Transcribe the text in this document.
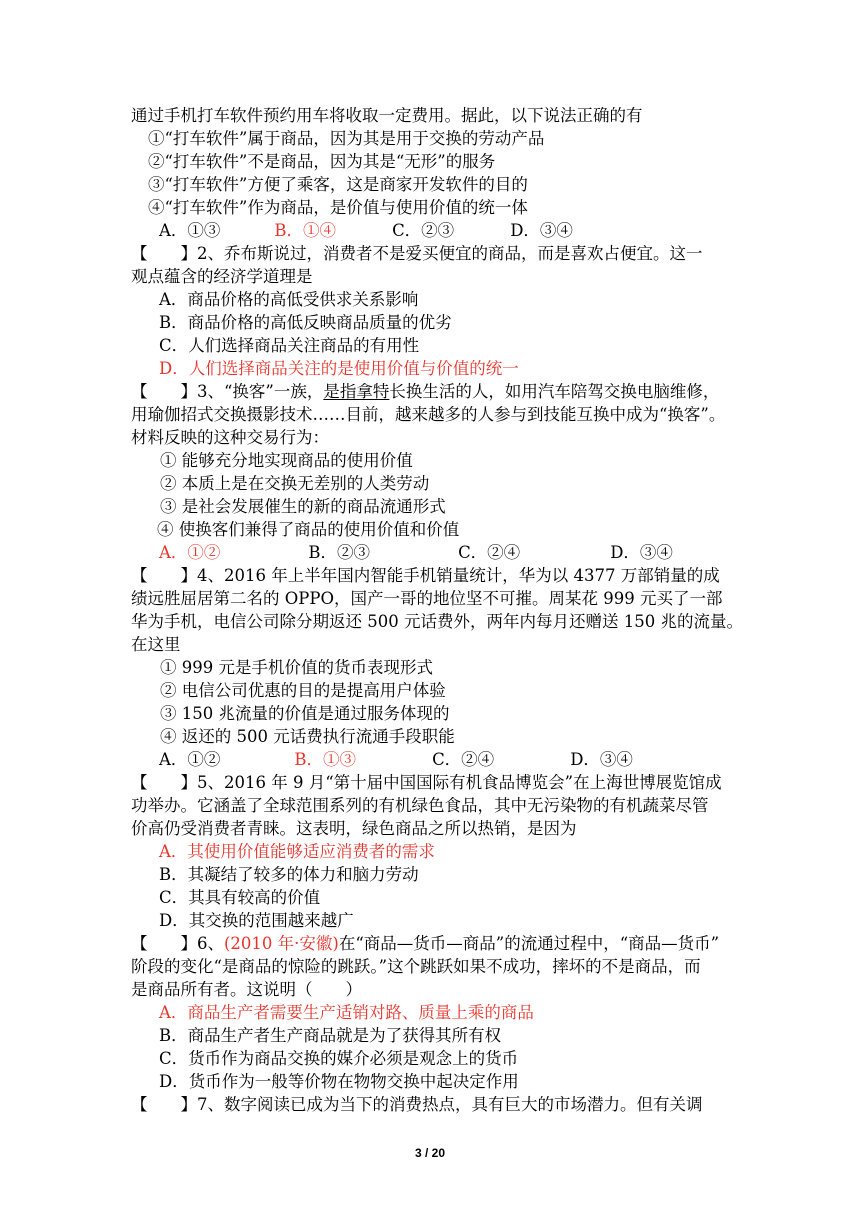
通过手机打车软件预约用车将收取一定费用。据此，以下说法正确的有
①“打车软件”属于商品，因为其是用于交换的劳动产品
②“打车软件”不是商品，因为其是“无形”的服务
③“打车软件”方便了乘客，这是商家开发软件的目的
④“打车软件”作为商品，是价值与使用价值的统一体
A．①③	B．①④	C．②③	D．③④
【　　】2、乔布斯说过，消费者不是爱买便宜的商品，而是喜欢占便宜。这一
观点蕴含的经济学道理是
A．商品价格的高低受供求关系影响
B．商品价格的高低反映商品质量的优劣
C．人们选择商品关注商品的有用性
D．人们选择商品关注的是使用价值与价值的统一
【　　】3、“换客”一族，是指拿特长换生活的人，如用汽车陪驾交换电脑维修，
用瑜伽招式交换摄影技术……目前，越来越多的人参与到技能互换中成为“换客”。
材料反映的这种交易行为：
① 能够充分地实现商品的使用价值
② 本质上是在交换无差别的人类劳动
③ 是社会发展催生的新的商品流通形式
④ 使换客们兼得了商品的使用价值和价值
A．①②	B．②③	C．②④	D．③④
【　　】4、2016 年上半年国内智能手机销量统计，华为以 4377 万部销量的成
绩远胜屈居第二名的 OPPO，国产一哥的地位坚不可摧。周某花 999 元买了一部
华为手机，电信公司除分期返还 500 元话费外，两年内每月还赠送 150 兆的流量。
在这里
① 999 元是手机价值的货币表现形式
② 电信公司优惠的目的是提高用户体验
③ 150 兆流量的价值是通过服务体现的
④ 返还的 500 元话费执行流通手段职能
A．①②	B．①③	C．②④	D．③④
【　　】5、2016 年 9 月“第十届中国国际有机食品博览会”在上海世博展览馆成
功举办。它涵盖了全球范围系列的有机绿色食品，其中无污染物的有机蔬菜尽管
价高仍受消费者青睐。这表明，绿色商品之所以热销，是因为
A．其使用价值能够适应消费者的需求
B．其凝结了较多的体力和脑力劳动
C．其具有较高的价值
D．其交换的范围越来越广
【　　】6、(2010 年·安徽)在“商品—货币—商品”的流通过程中，“商品—货币”
阶段的变化“是商品的惊险的跳跃。”这个跳跃如果不成功，摔坏的不是商品，而
是商品所有者。这说明（　　）
A．商品生产者需要生产适销对路、质量上乘的商品
B．商品生产者生产商品就是为了获得其所有权
C．货币作为商品交换的媒介必须是观念上的货币
D．货币作为一般等价物在物物交换中起决定作用
【　　】7、数字阅读已成为当下的消费热点，具有巨大的市场潜力。但有关调
3 / 20
